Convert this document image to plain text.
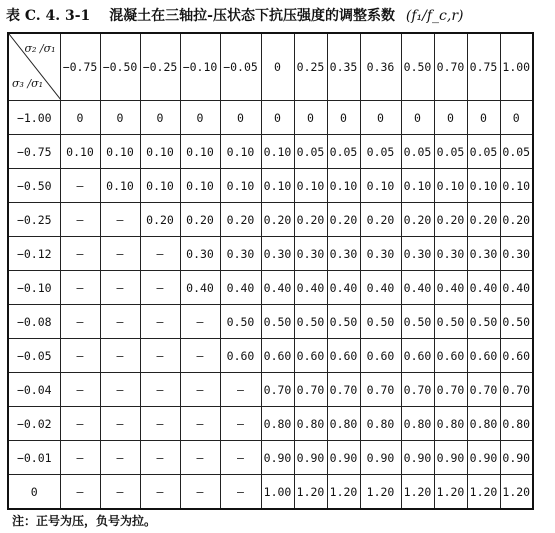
表 C. 4. 3-1 混凝土在三轴拉-压状态下抗压强度的调整系数 (f₁/f_c,r)
σ₂ /σ₁
σ₃ /σ₁	−0.75	−0.50	−0.25	−0.10	−0.05	0	0.25	0.35	0.36	0.50	0.70	0.75	1.00
−1.00	0	0	0	0	0	0	0	0	0	0	0	0	0
−0.75	0.10	0.10	0.10	0.10	0.10	0.10	0.05	0.05	0.05	0.05	0.05	0.05	0.05
−0.50	—	0.10	0.10	0.10	0.10	0.10	0.10	0.10	0.10	0.10	0.10	0.10	0.10
−0.25	—	—	0.20	0.20	0.20	0.20	0.20	0.20	0.20	0.20	0.20	0.20	0.20
−0.12	—	—	—	0.30	0.30	0.30	0.30	0.30	0.30	0.30	0.30	0.30	0.30
−0.10	—	—	—	0.40	0.40	0.40	0.40	0.40	0.40	0.40	0.40	0.40	0.40
−0.08	—	—	—	—	0.50	0.50	0.50	0.50	0.50	0.50	0.50	0.50	0.50
−0.05	—	—	—	—	0.60	0.60	0.60	0.60	0.60	0.60	0.60	0.60	0.60
−0.04	—	—	—	—	—	0.70	0.70	0.70	0.70	0.70	0.70	0.70	0.70
−0.02	—	—	—	—	—	0.80	0.80	0.80	0.80	0.80	0.80	0.80	0.80
−0.01	—	—	—	—	—	0.90	0.90	0.90	0.90	0.90	0.90	0.90	0.90
0	—	—	—	—	—	1.00	1.20	1.20	1.20	1.20	1.20	1.20	1.20
注：正号为压，负号为拉。
